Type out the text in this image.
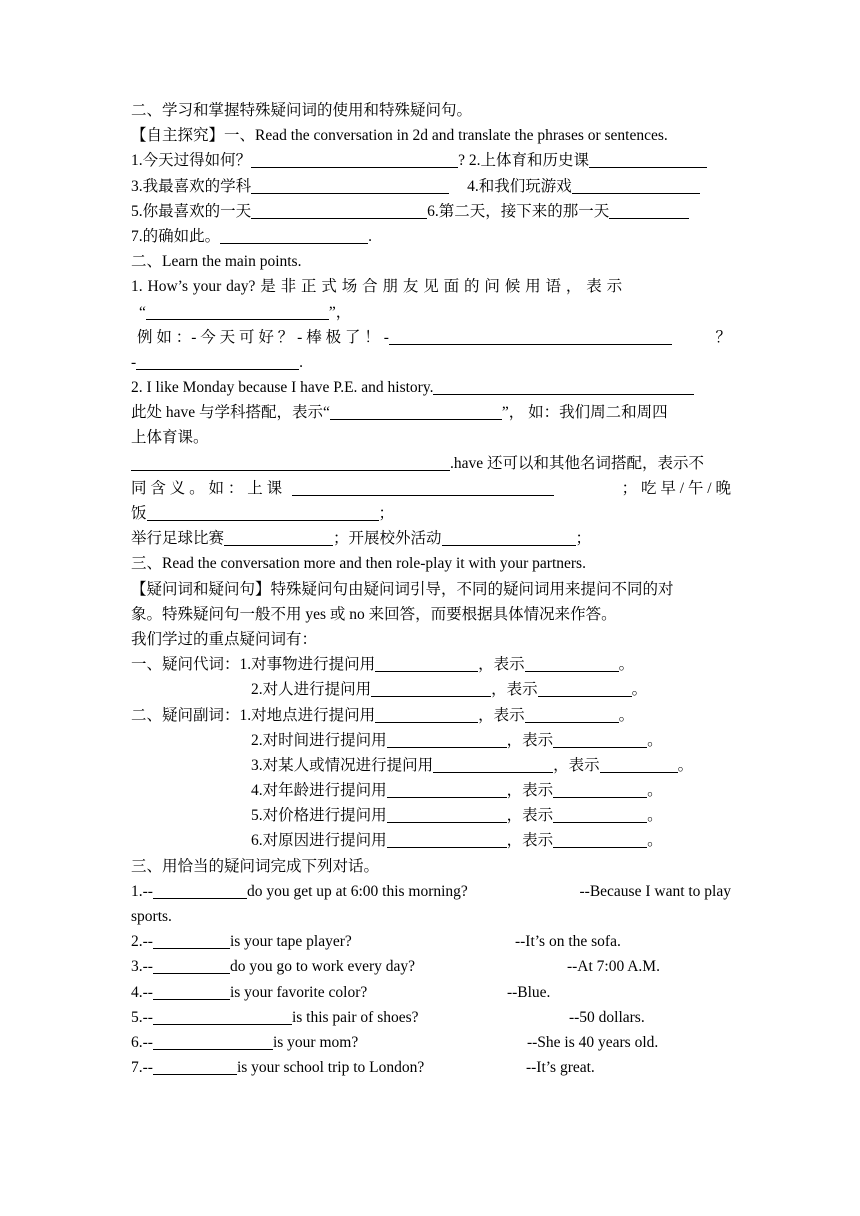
二、学习和掌握特殊疑问词的使用和特殊疑问句。
【自主探究】一、Read the conversation in 2d and translate the phrases or sentences.
1.今天过得如何？	? 2.上体育和历史课
3.我最喜欢的学科	4.和我们玩游戏
5.你最喜欢的一天	6.第二天，接下来的那一天
7.的确如此。	.
二、Learn the main points.
1. How’s your day? 是 非 正 式 场 合 朋 友 见 面 的 问 候 用 语 ， 表 示
“	”，
例 如 ：- 今 天 可 好 ？ - 棒 极 了 ！ -	？
-	.
2. I like Monday because I have P.E. and history.
此处 have 与学科搭配，表示“	”， 如：我们周二和周四
上体育课。
.have 还可以和其他名词搭配，表示不
同 含 义 。 如 ： 上 课	； 吃 早 / 午 / 晚
饭	；
举行足球比赛	；开展校外活动	；
三、Read the conversation more and then role-play it with your partners.
【疑问词和疑问句】特殊疑问句由疑问词引导，不同的疑问词用来提问不同的对
象。特殊疑问句一般不用 yes 或 no 来回答，而要根据具体情况来作答。
我们学过的重点疑问词有：
一、疑问代词：1.对事物进行提问用	，表示	。
2.对人进行提问用	，表示	。
二、疑问副词：1.对地点进行提问用	，表示	。
2.对时间进行提问用	，表示	。
3.对某人或情况进行提问用	，表示	。
4.对年龄进行提问用	，表示	。
5.对价格进行提问用	，表示	。
6.对原因进行提问用	，表示	。
三、用恰当的疑问词完成下列对话。
1.--	do you get up at 6:00 this morning?	--Because I want to play
sports.
2.--	is your tape player?	--It’s on the sofa.
3.--	do you go to work every day?	--At 7:00 A.M.
4.--	is your favorite color?	--Blue.
5.--	is this pair of shoes?	--50 dollars.
6.--	is your mom?	--She is 40 years old.
7.--	is your school trip to London?	--It’s great.
